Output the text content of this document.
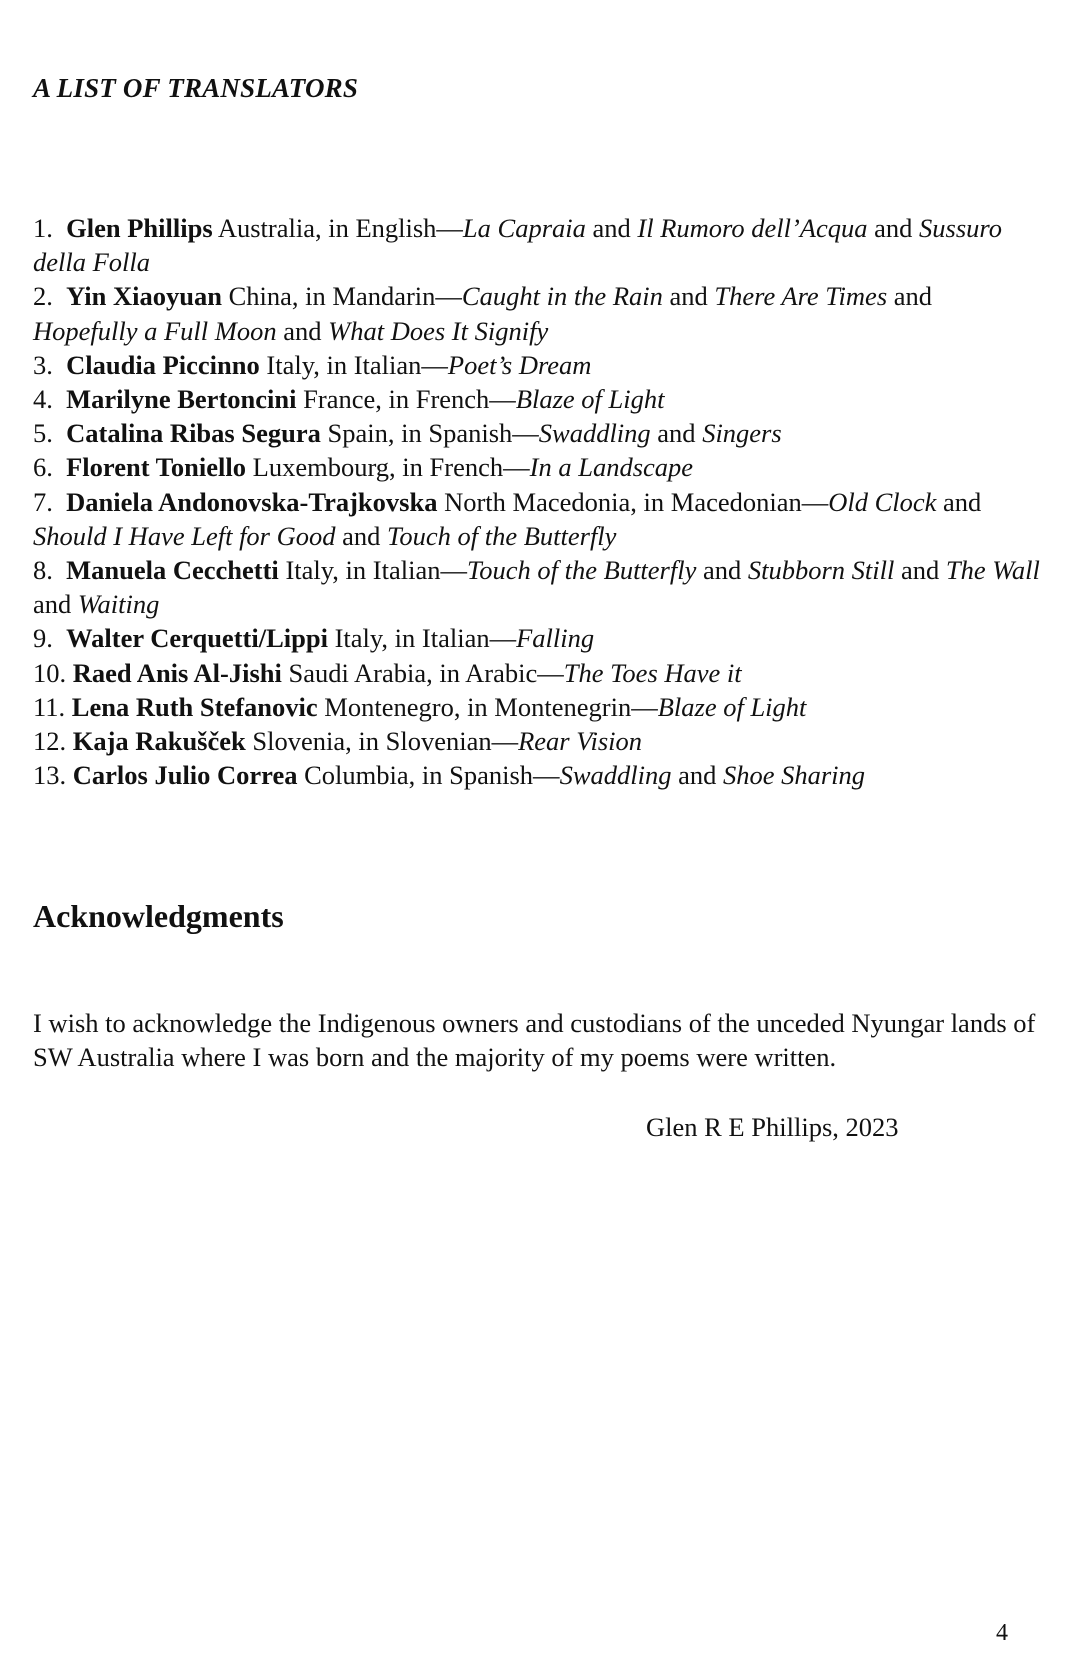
A LIST OF TRANSLATORS
1. Glen Phillips Australia, in English—La Capraia and Il Rumoro dell’Acqua and Sussuro della Folla
2. Yin Xiaoyuan China, in Mandarin—Caught in the Rain and There Are Times and Hopefully a Full Moon and What Does It Signify
3. Claudia Piccinno Italy, in Italian—Poet’s Dream
4. Marilyne Bertoncini France, in French—Blaze of Light
5. Catalina Ribas Segura Spain, in Spanish—Swaddling and Singers
6. Florent Toniello Luxembourg, in French—In a Landscape
7. Daniela Andonovska-Trajkovska North Macedonia, in Macedonian—Old Clock and Should I Have Left for Good and Touch of the Butterfly
8. Manuela Cecchetti Italy, in Italian—Touch of the Butterfly and Stubborn Still and The Wall and Waiting
9. Walter Cerquetti/Lippi Italy, in Italian—Falling
10. Raed Anis Al-Jishi Saudi Arabia, in Arabic—The Toes Have it
11. Lena Ruth Stefanovic Montenegro, in Montenegrin—Blaze of Light
12. Kaja Rakušček Slovenia, in Slovenian—Rear Vision
13. Carlos Julio Correa Columbia, in Spanish—Swaddling and Shoe Sharing
Acknowledgments

I wish to acknowledge the Indigenous owners and custodians of the unceded Nyungar lands of SW Australia where I was born and the majority of my poems were written.

Glen R E Phillips, 2023

4
